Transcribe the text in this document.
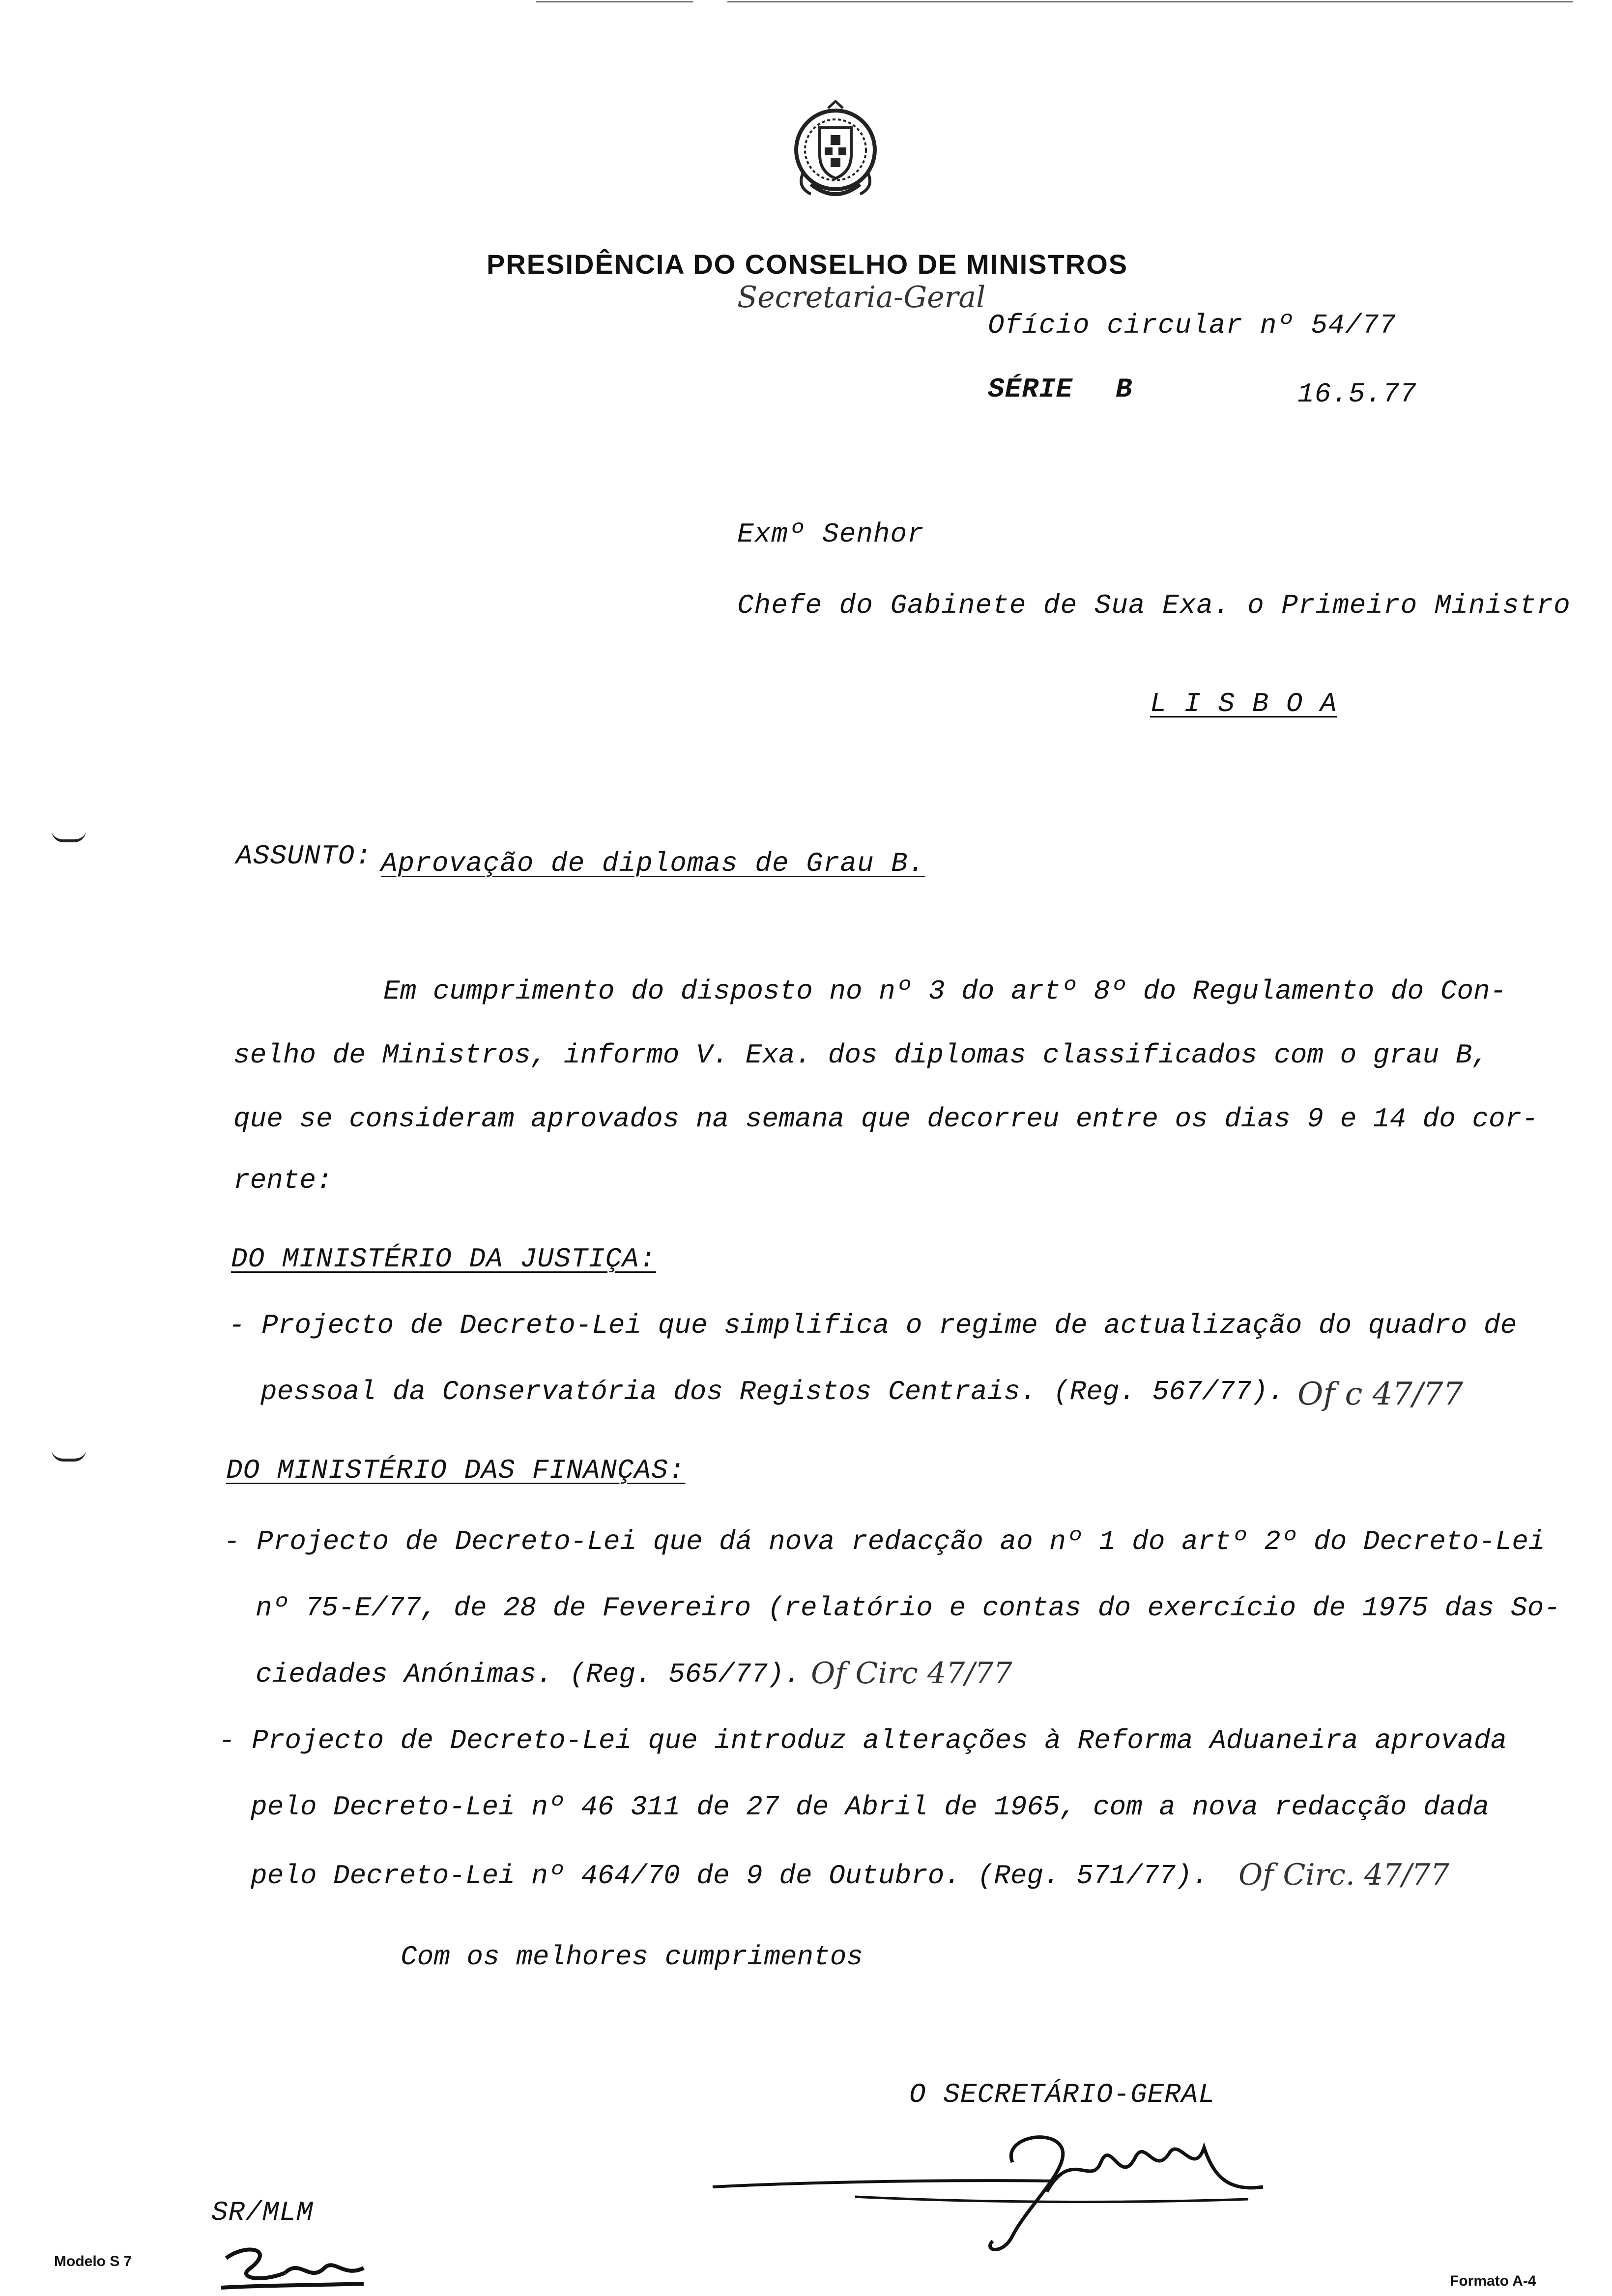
PRESIDÊNCIA DO CONSELHO DE MINISTROS
Secretaria-Geral
Ofício circular nº 54/77
SÉRIE B	16.5.77
Exmº Senhor
Chefe do Gabinete de Sua Exa. o Primeiro Ministro
L I S B O A
ASSUNTO: Aprovação de diplomas de Grau B.
Em cumprimento do disposto no nº 3 do artº 8º do Regulamento do Con-
selho de Ministros, informo V. Exa. dos diplomas classificados com o grau B,
que se consideram aprovados na semana que decorreu entre os dias 9 e 14 do cor-
rente:
DO MINISTÉRIO DA JUSTIÇA:
- Projecto de Decreto-Lei que simplifica o regime de actualização do quadro de
pessoal da Conservatória dos Registos Centrais. (Reg. 567/77). Of c 47/77
DO MINISTÉRIO DAS FINANÇAS:
- Projecto de Decreto-Lei que dá nova redacção ao nº 1 do artº 2º do Decreto-Lei
nº 75-E/77, de 28 de Fevereiro (relatório e contas do exercício de 1975 das So-
ciedades Anónimas. (Reg. 565/77). Of Circ 47/77
- Projecto de Decreto-Lei que introduz alterações à Reforma Aduaneira aprovada
pelo Decreto-Lei nº 46 311 de 27 de Abril de 1965, com a nova redacção dada
pelo Decreto-Lei nº 464/70 de 9 de Outubro. (Reg. 571/77). Of Circ. 47/77
Com os melhores cumprimentos
O SECRETÁRIO-GERAL
SR/MLM
Modelo S 7
Formato A-4
